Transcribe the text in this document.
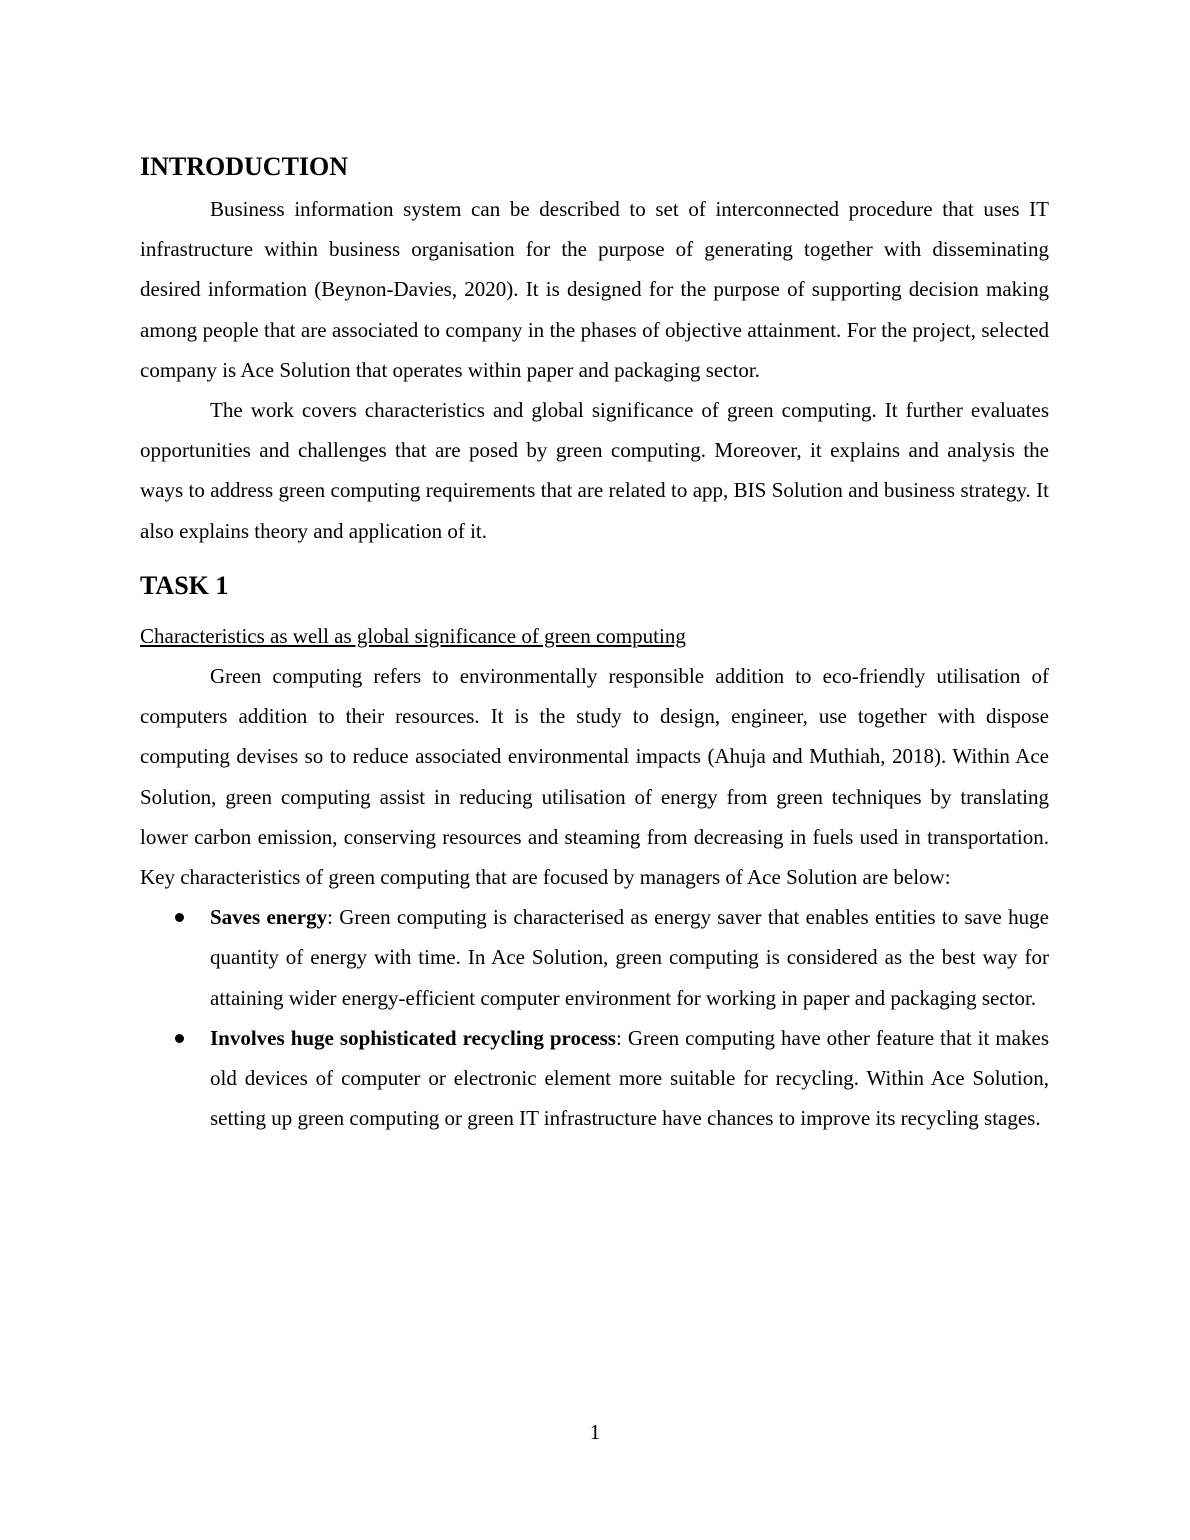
INTRODUCTION

Business information system can be described to set of interconnected procedure that uses IT infrastructure within business organisation for the purpose of generating together with disseminating desired information (Beynon-Davies, 2020). It is designed for the purpose of supporting decision making among people that are associated to company in the phases of objective attainment. For the project, selected company is Ace Solution that operates within paper and packaging sector.

The work covers characteristics and global significance of green computing. It further evaluates opportunities and challenges that are posed by green computing. Moreover, it explains and analysis the ways to address green computing requirements that are related to app, BIS Solution and business strategy. It also explains theory and application of it.

TASK 1

Characteristics as well as global significance of green computing

Green computing refers to environmentally responsible addition to eco-friendly utilisation of computers addition to their resources. It is the study to design, engineer, use together with dispose computing devises so to reduce associated environmental impacts (Ahuja and Muthiah, 2018). Within Ace Solution, green computing assist in reducing utilisation of energy from green techniques by translating lower carbon emission, conserving resources and steaming from decreasing in fuels used in transportation. Key characteristics of green computing that are focused by managers of Ace Solution are below:

Saves energy: Green computing is characterised as energy saver that enables entities to save huge quantity of energy with time. In Ace Solution, green computing is considered as the best way for attaining wider energy-efficient computer environment for working in paper and packaging sector.
Involves huge sophisticated recycling process: Green computing have other feature that it makes old devices of computer or electronic element more suitable for recycling. Within Ace Solution, setting up green computing or green IT infrastructure have chances to improve its recycling stages.
1
